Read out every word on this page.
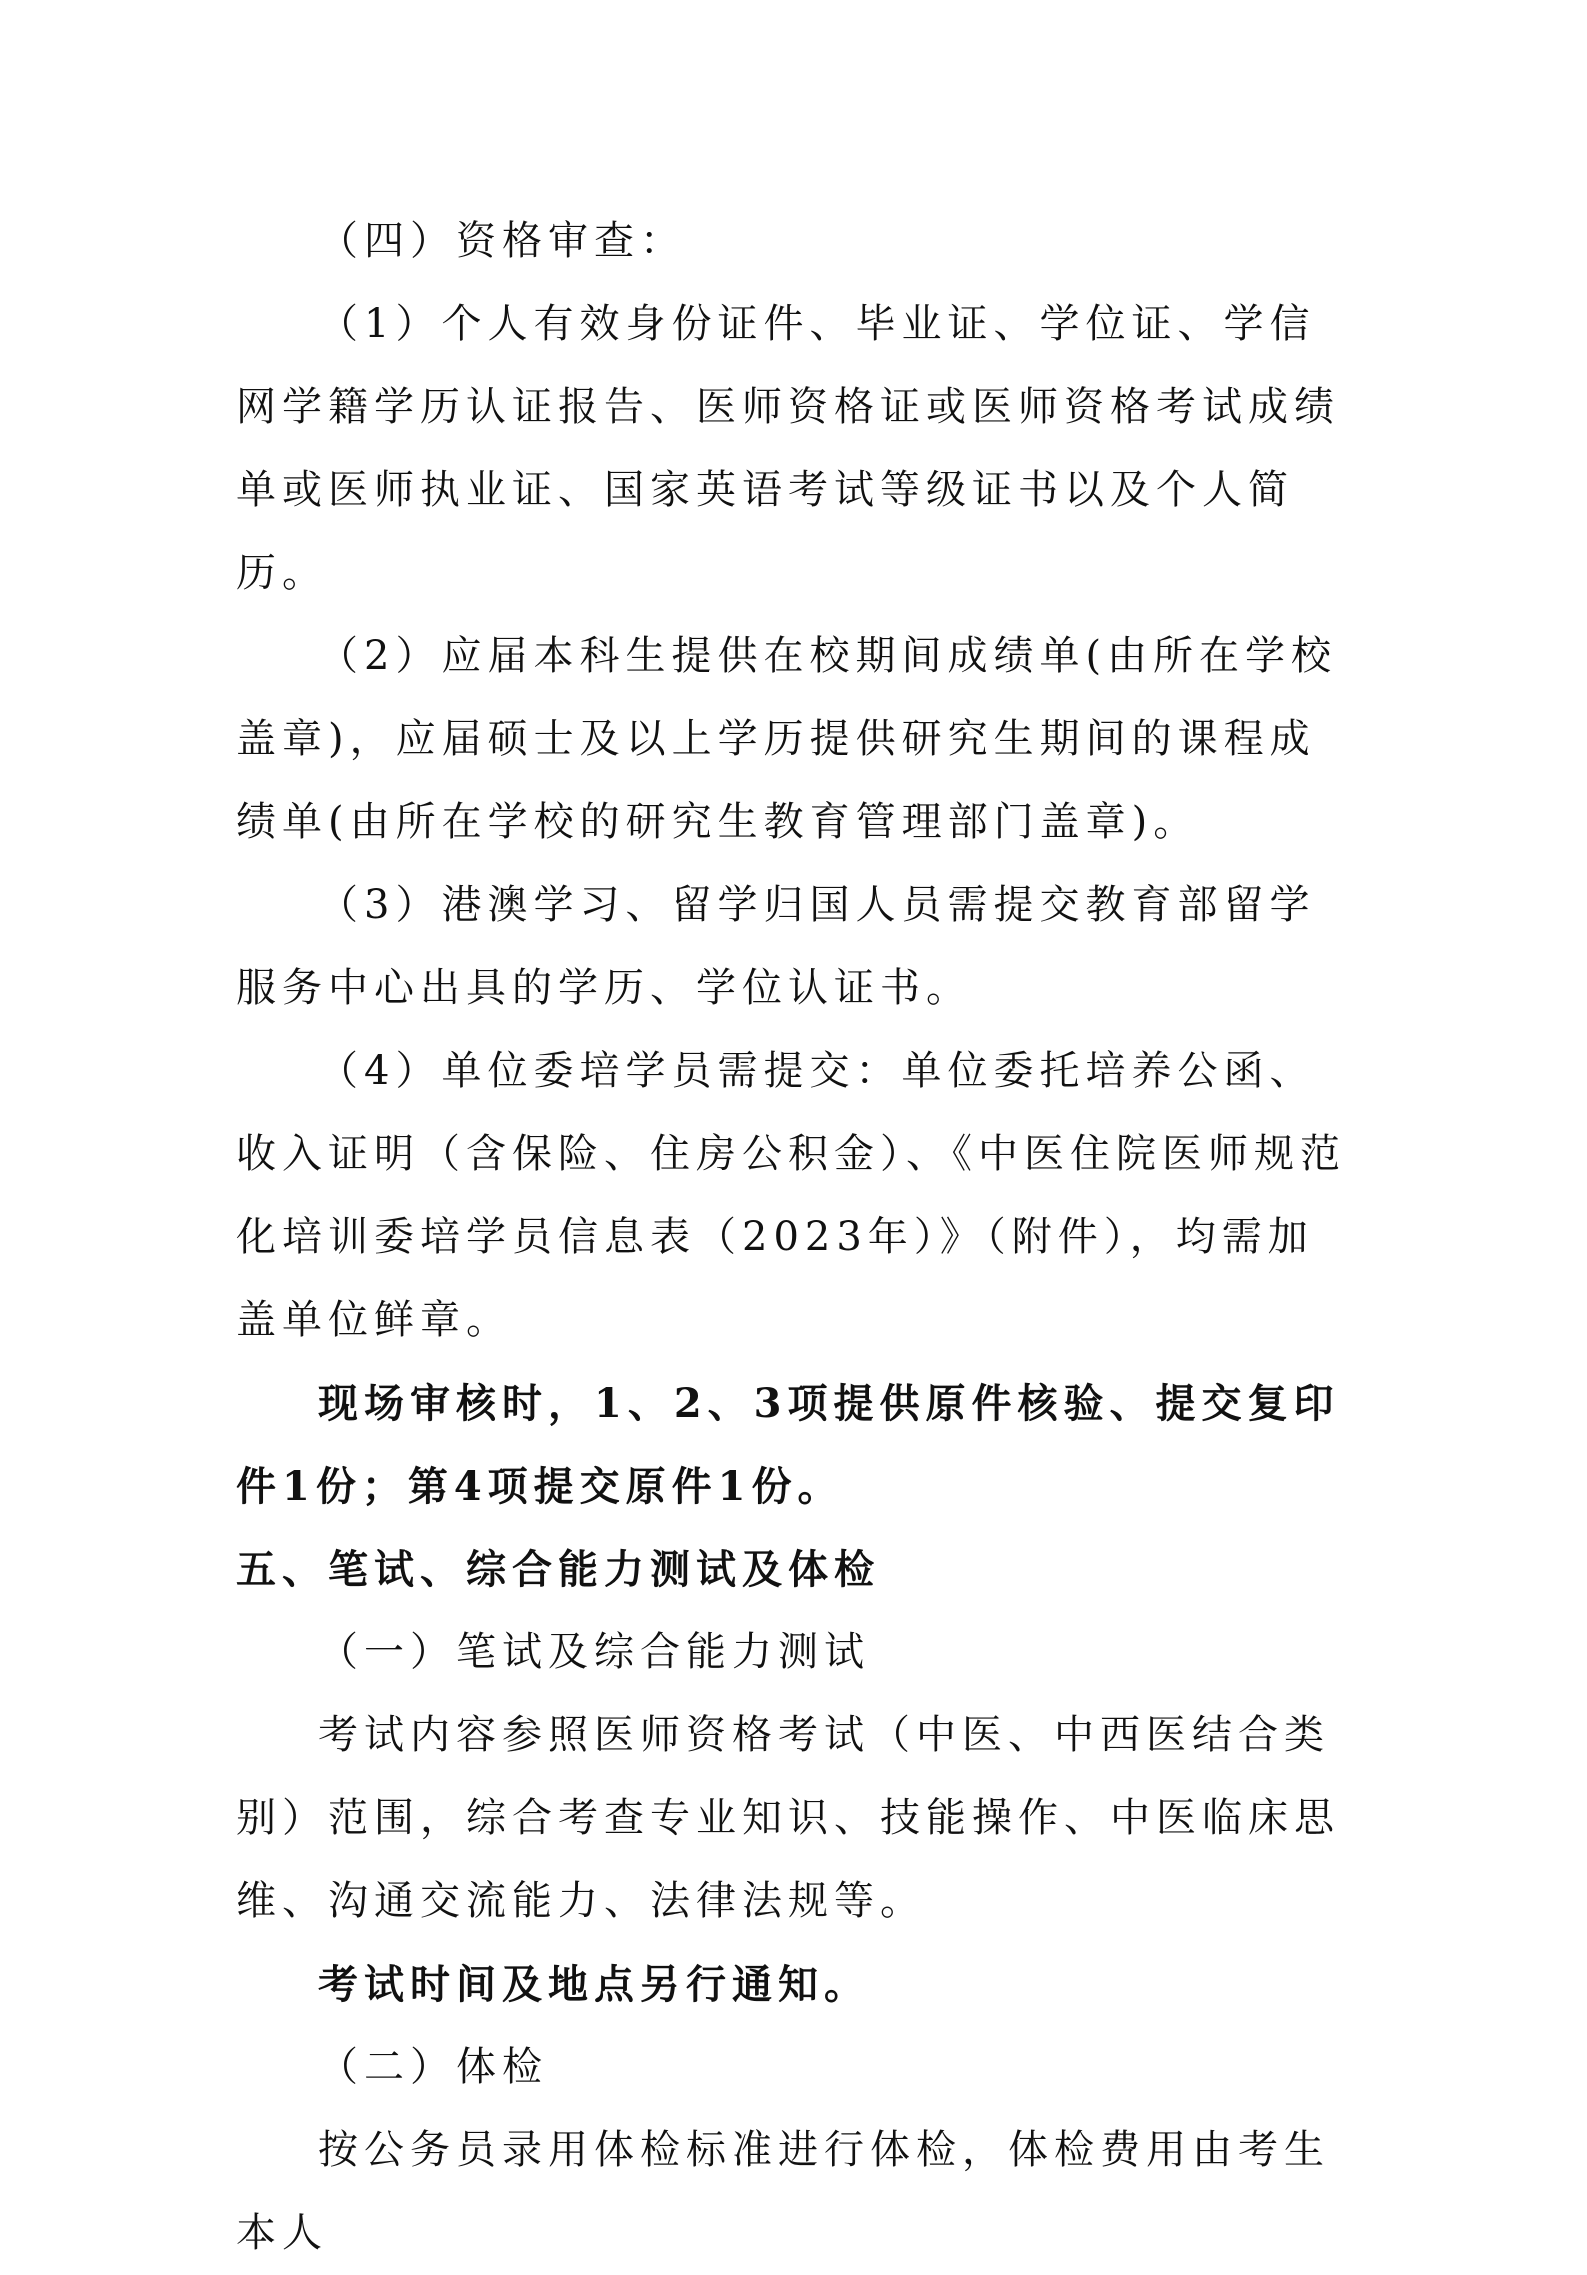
（四）资格审查：

（1）个人有效身份证件、毕业证、学位证、学信网学籍学历认证报告、医师资格证或医师资格考试成绩单或医师执业证、国家英语考试等级证书以及个人简历。

（2）应届本科生提供在校期间成绩单(由所在学校盖章)，应届硕士及以上学历提供研究生期间的课程成绩单(由所在学校的研究生教育管理部门盖章)。

（3）港澳学习、留学归国人员需提交教育部留学服务中心出具的学历、学位认证书。

（4）单位委培学员需提交：单位委托培养公函、收入证明（含保险、住房公积金）、《中医住院医师规范化培训委培学员信息表（2023年）》（附件），均需加盖单位鲜章。

现场审核时，1、2、3项提供原件核验、提交复印件1份；第4项提交原件1份。

五、笔试、综合能力测试及体检

（一）笔试及综合能力测试

考试内容参照医师资格考试（中医、中西医结合类别）范围，综合考查专业知识、技能操作、中医临床思维、沟通交流能力、法律法规等。

考试时间及地点另行通知。

（二）体检

按公务员录用体检标准进行体检，体检费用由考生本人
